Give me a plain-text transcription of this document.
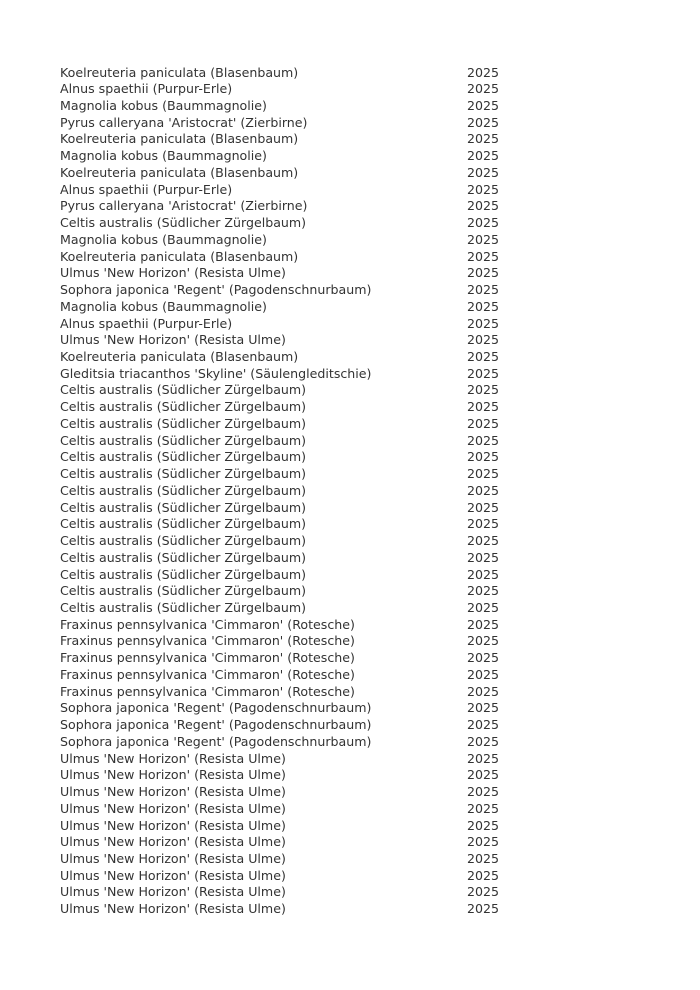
Koelreuteria paniculata (Blasenbaum)	2025
Alnus spaethii (Purpur-Erle)	2025
Magnolia kobus (Baummagnolie)	2025
Pyrus calleryana 'Aristocrat' (Zierbirne)	2025
Koelreuteria paniculata (Blasenbaum)	2025
Magnolia kobus (Baummagnolie)	2025
Koelreuteria paniculata (Blasenbaum)	2025
Alnus spaethii (Purpur-Erle)	2025
Pyrus calleryana 'Aristocrat' (Zierbirne)	2025
Celtis australis (Südlicher Zürgelbaum)	2025
Magnolia kobus (Baummagnolie)	2025
Koelreuteria paniculata (Blasenbaum)	2025
Ulmus 'New Horizon' (Resista Ulme)	2025
Sophora japonica 'Regent' (Pagodenschnurbaum)	2025
Magnolia kobus (Baummagnolie)	2025
Alnus spaethii (Purpur-Erle)	2025
Ulmus 'New Horizon' (Resista Ulme)	2025
Koelreuteria paniculata (Blasenbaum)	2025
Gleditsia triacanthos 'Skyline' (Säulengleditschie)	2025
Celtis australis (Südlicher Zürgelbaum)	2025
Celtis australis (Südlicher Zürgelbaum)	2025
Celtis australis (Südlicher Zürgelbaum)	2025
Celtis australis (Südlicher Zürgelbaum)	2025
Celtis australis (Südlicher Zürgelbaum)	2025
Celtis australis (Südlicher Zürgelbaum)	2025
Celtis australis (Südlicher Zürgelbaum)	2025
Celtis australis (Südlicher Zürgelbaum)	2025
Celtis australis (Südlicher Zürgelbaum)	2025
Celtis australis (Südlicher Zürgelbaum)	2025
Celtis australis (Südlicher Zürgelbaum)	2025
Celtis australis (Südlicher Zürgelbaum)	2025
Celtis australis (Südlicher Zürgelbaum)	2025
Celtis australis (Südlicher Zürgelbaum)	2025
Fraxinus pennsylvanica 'Cimmaron' (Rotesche)	2025
Fraxinus pennsylvanica 'Cimmaron' (Rotesche)	2025
Fraxinus pennsylvanica 'Cimmaron' (Rotesche)	2025
Fraxinus pennsylvanica 'Cimmaron' (Rotesche)	2025
Fraxinus pennsylvanica 'Cimmaron' (Rotesche)	2025
Sophora japonica 'Regent' (Pagodenschnurbaum)	2025
Sophora japonica 'Regent' (Pagodenschnurbaum)	2025
Sophora japonica 'Regent' (Pagodenschnurbaum)	2025
Ulmus 'New Horizon' (Resista Ulme)	2025
Ulmus 'New Horizon' (Resista Ulme)	2025
Ulmus 'New Horizon' (Resista Ulme)	2025
Ulmus 'New Horizon' (Resista Ulme)	2025
Ulmus 'New Horizon' (Resista Ulme)	2025
Ulmus 'New Horizon' (Resista Ulme)	2025
Ulmus 'New Horizon' (Resista Ulme)	2025
Ulmus 'New Horizon' (Resista Ulme)	2025
Ulmus 'New Horizon' (Resista Ulme)	2025
Ulmus 'New Horizon' (Resista Ulme)	2025
